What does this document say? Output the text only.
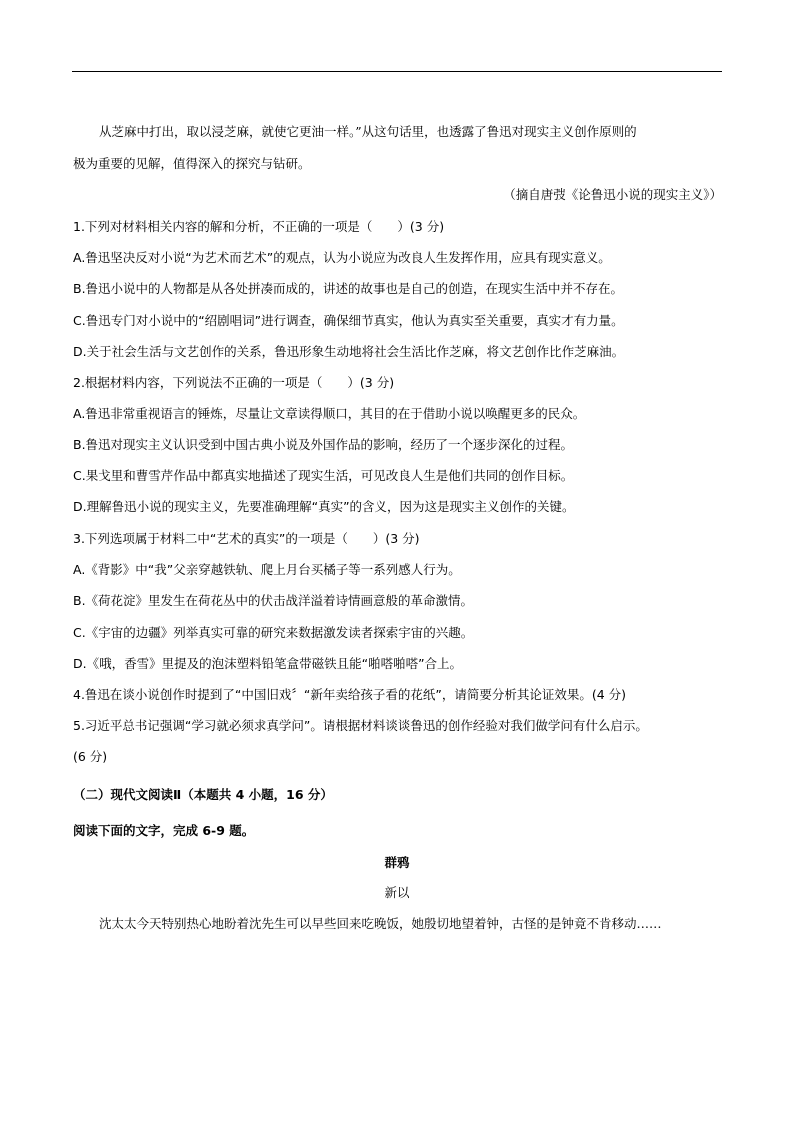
从芝麻中打出，取以浸芝麻，就使它更油一样。”从这句话里，也透露了鲁迅对现实主义创作原则的
极为重要的见解，值得深入的探究与钻研。
（摘自唐弢《论鲁迅小说的现实主义》）
1.下列对材料相关内容的解和分析，不正确的一项是（　　）(3 分)
A.鲁迅坚决反对小说“为艺术而艺术”的观点，认为小说应为改良人生发挥作用，应具有现实意义。
B.鲁迅小说中的人物都是从各处拼凑而成的，讲述的故事也是自己的创造，在现实生活中并不存在。
C.鲁迅专门对小说中的“绍剧唱词”进行调查，确保细节真实，他认为真实至关重要，真实才有力量。
D.关于社会生活与文艺创作的关系，鲁迅形象生动地将社会生活比作芝麻，将文艺创作比作芝麻油。
2.根据材料内容，下列说法不正确的一项是（　　）(3 分)
A.鲁迅非常重视语言的锤炼，尽量让文章读得顺口，其目的在于借助小说以唤醒更多的民众。
B.鲁迅对现实主义认识受到中国古典小说及外国作品的影响，经历了一个逐步深化的过程。
C.果戈里和曹雪芹作品中都真实地描述了现实生活，可见改良人生是他们共同的创作目标。
D.理解鲁迅小说的现实主义，先要准确理解“真实”的含义，因为这是现实主义创作的关键。
3.下列选项属于材料二中“艺术的真实”的一项是（　　）(3 分)
A.《背影》中“我”父亲穿越铁轨、爬上月台买橘子等一系列感人行为。
B.《荷花淀》里发生在荷花丛中的伏击战洋溢着诗情画意般的革命激情。
C.《宇宙的边疆》列举真实可靠的研究来数据激发读者探索宇宙的兴趣。
D.《哦，香雪》里提及的泡沫塑料铅笔盒带磁铁且能“啪嗒啪嗒”合上。
4.鲁迅在谈小说创作时提到了“中国旧戏〞“新年卖给孩子看的花纸”，请简要分析其论证效果。(4 分)
5.习近平总书记强调“学习就必须求真学问”。请根据材料谈谈鲁迅的创作经验对我们做学问有什么启示。
(6 分)
（二）现代文阅读Ⅱ（本题共 4 小题，16 分）
阅读下面的文字，完成 6-9 题。
群鸦
新以
沈太太今天特别热心地盼着沈先生可以早些回来吃晚饭，她殷切地望着钟，古怪的是钟竟不肯移动……
